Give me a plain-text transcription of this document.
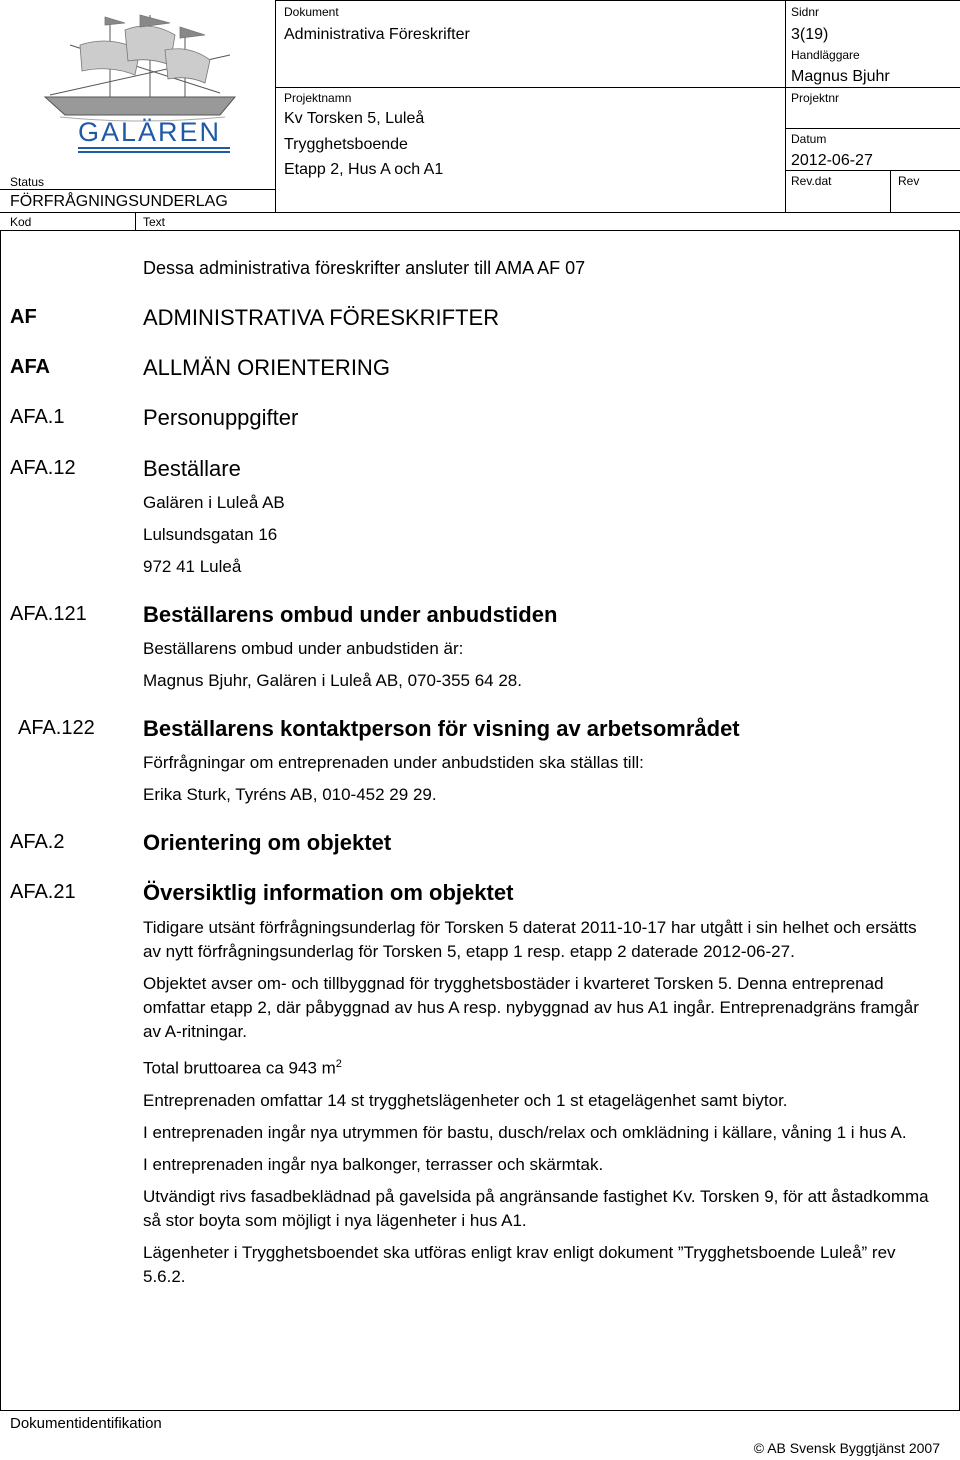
GALÄREN
Dokument
Administrativa Föreskrifter
Sidnr
3(19)
Handläggare
Magnus Bjuhr
Projektnamn
Kv Torsken 5, Luleå
Trygghetsboende
Etapp 2, Hus A och A1
Projektnr
Datum
2012-06-27
Rev.dat	Rev
Status
FÖRFRÅGNINGSUNDERLAG
Kod	Text
Dessa administrativa föreskrifter ansluter till AMA AF 07
AF	ADMINISTRATIVA FÖRESKRIFTER
AFA	ALLMÄN ORIENTERING
AFA.1	Personuppgifter
AFA.12	Beställare
Galären i Luleå AB
Lulsundsgatan 16
972 41 Luleå
AFA.121	Beställarens ombud under anbudstiden
Beställarens ombud under anbudstiden är:
Magnus Bjuhr, Galären i Luleå AB, 070-355 64 28.
AFA.122 Beställarens kontaktperson för visning av arbetsområdet
Förfrågningar om entreprenaden under anbudstiden ska ställas till:
Erika Sturk, Tyréns AB, 010-452 29 29.
AFA.2	Orientering om objektet
AFA.21	Översiktlig information om objektet

Tidigare utsänt förfrågningsunderlag för Torsken 5 daterat 2011-10-17 har utgått i sin helhet och ersätts av nytt förfrågningsunderlag för Torsken 5, etapp 1 resp. etapp 2 daterade 2012-06-27.

Objektet avser om- och tillbyggnad för trygghetsbostäder i kvarteret Torsken 5. Denna entreprenad omfattar etapp 2, där påbyggnad av hus A resp. nybyggnad av hus A1 ingår. Entreprenadgräns framgår av A-ritningar.

Total bruttoarea ca 943 $m^2$

Entreprenaden omfattar 14 st trygghetslägenheter och 1 st etagelägenhet samt biytor.

I entreprenaden ingår nya utrymmen för bastu, dusch/relax och omklädning i källare, våning 1 i hus A.

I entreprenaden ingår nya balkonger, terrasser och skärmtak.

Utvändigt rivs fasadbeklädnad på gavelsida på angränsande fastighet Kv. Torsken 9, för att åstadkomma så stor boyta som möjligt i nya lägenheter i hus A1.

Lägenheter i Trygghetsboendet ska utföras enligt krav enligt dokument ”Trygghetsboende Luleå” rev 5.6.2.

Dokumentidentifikation
© AB Svensk Byggtjänst 2007
